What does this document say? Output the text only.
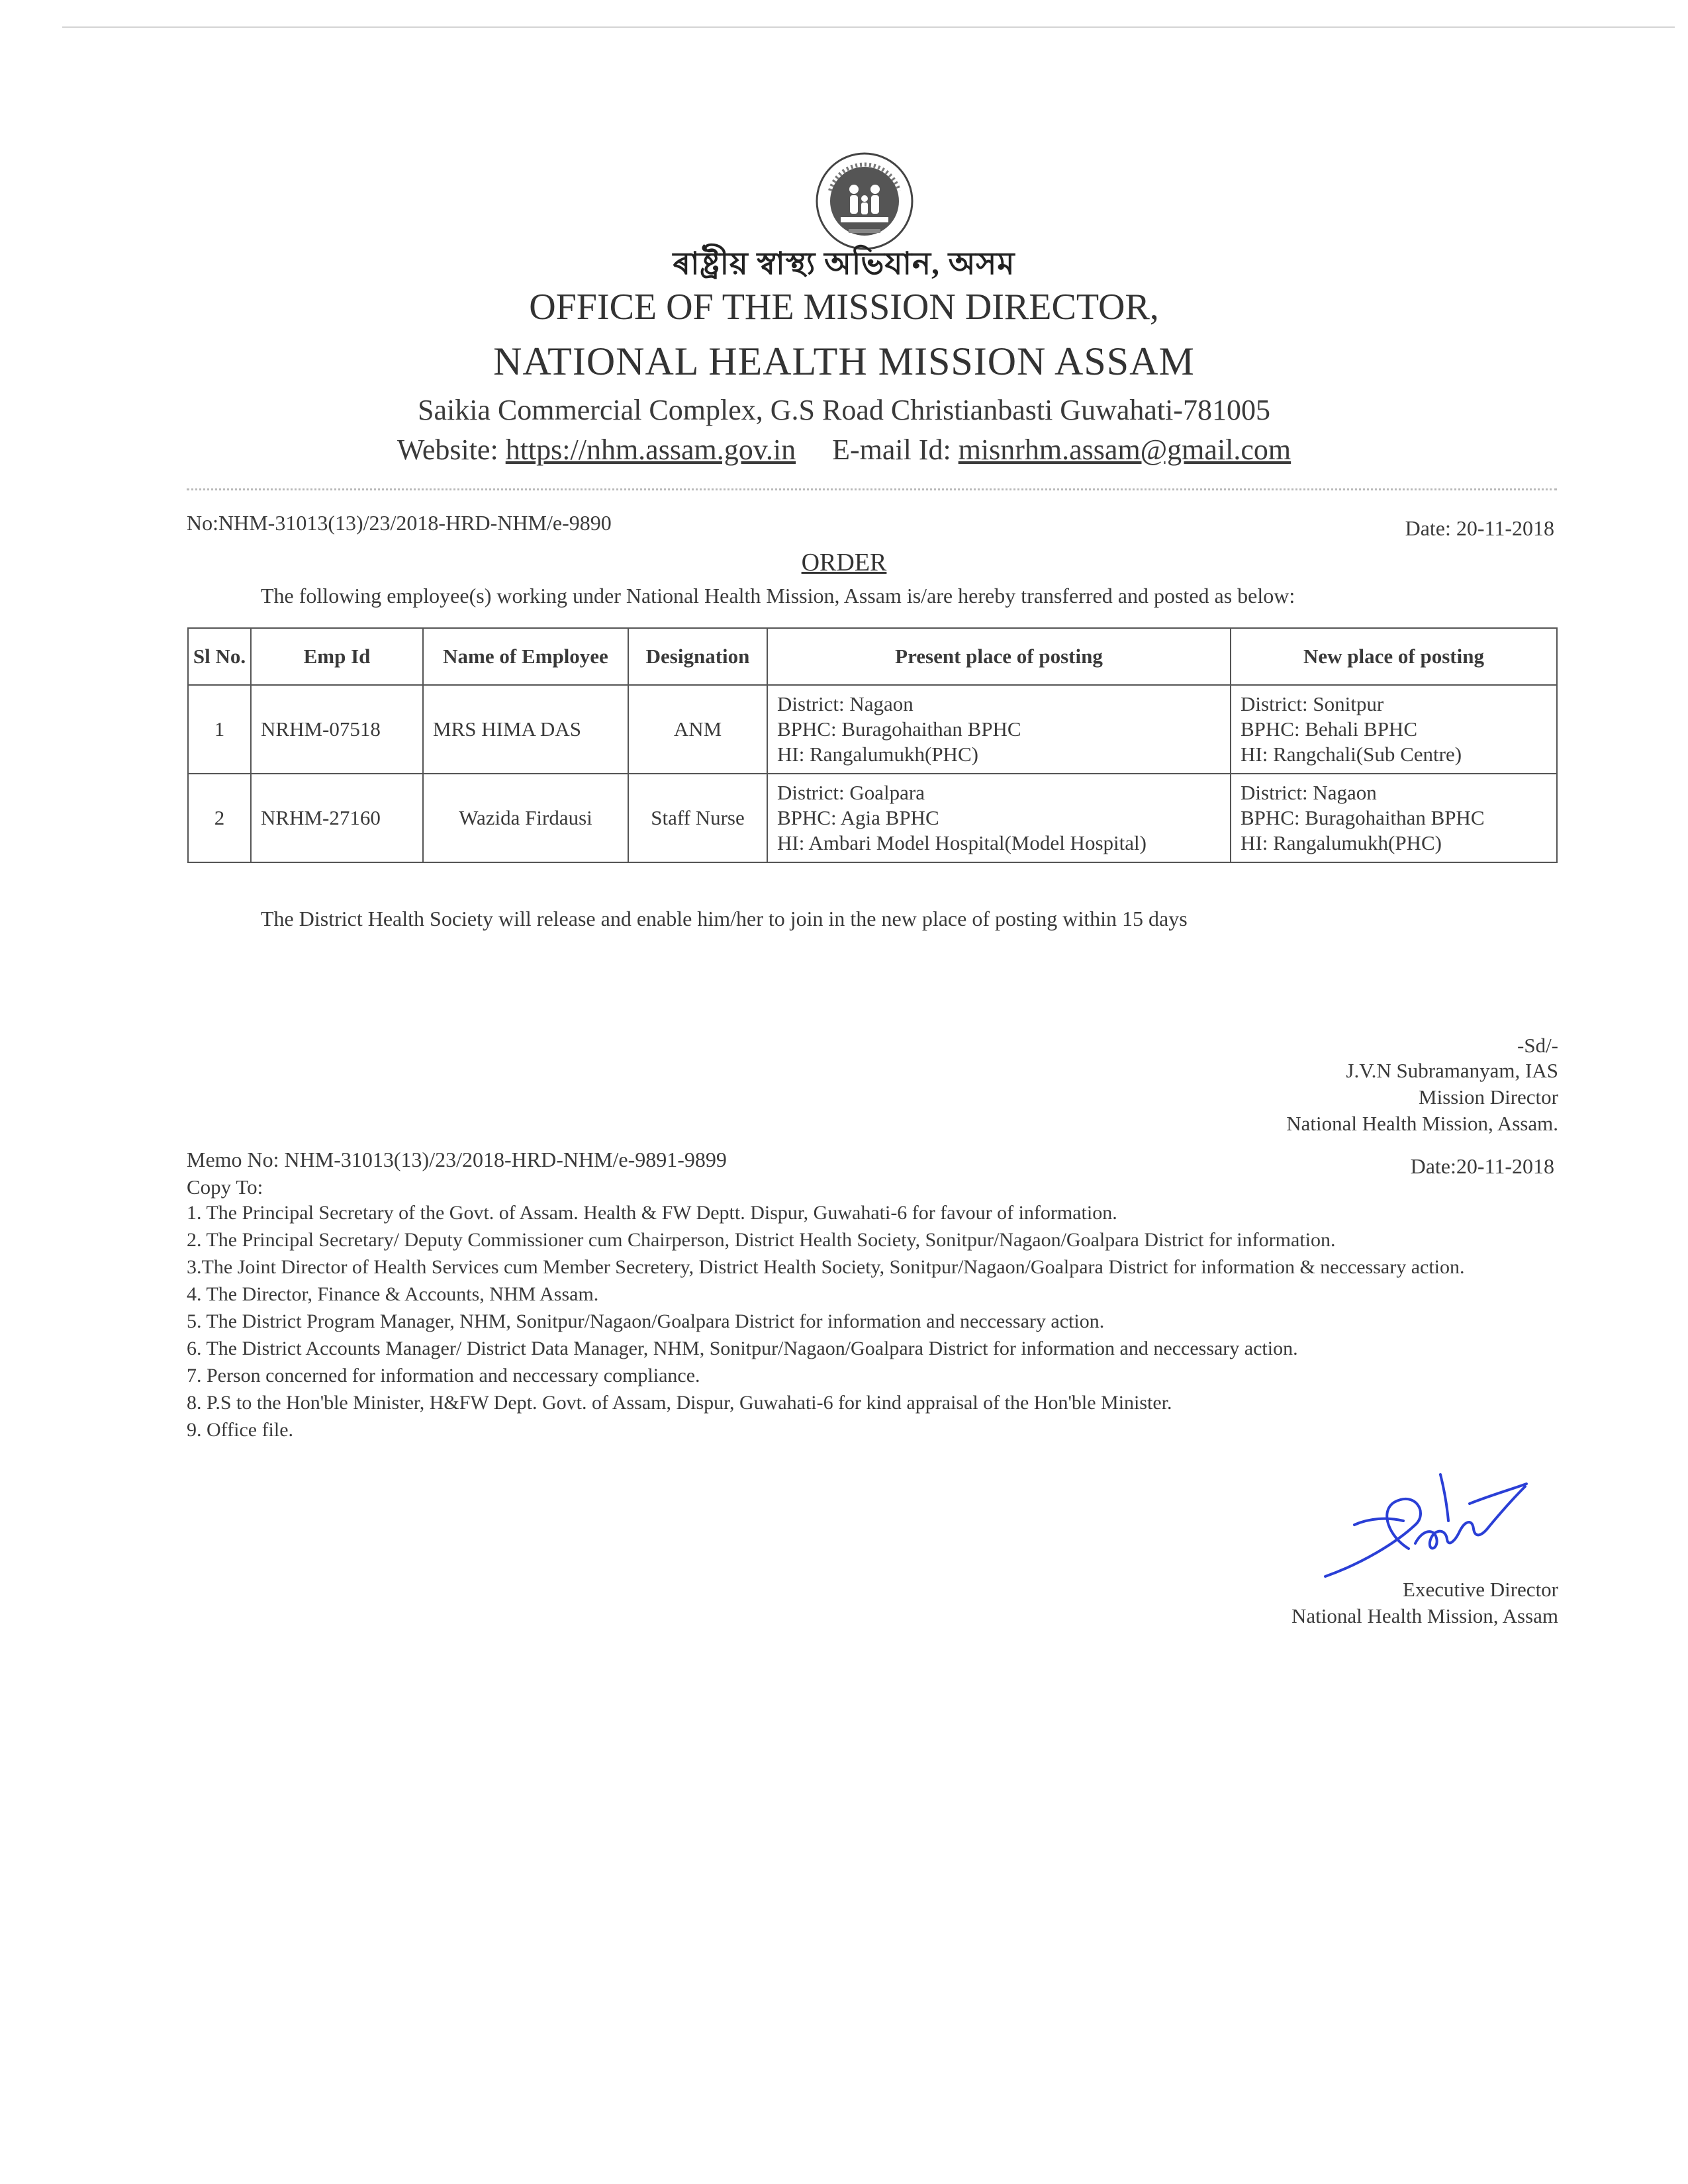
ৰাষ্ট্ৰীয় স্বাস্থ্য অভিযান, অসম
OFFICE OF THE MISSION DIRECTOR,
NATIONAL HEALTH MISSION ASSAM
Saikia Commercial Complex, G.S Road Christianbasti Guwahati-781005
Website: https://nhm.assam.gov.in E-mail Id: misnrhm.assam@gmail.com
No:NHM-31013(13)/23/2018-HRD-NHM/e-9890	Date: 20-11-2018
ORDER
The following employee(s) working under National Health Mission, Assam is/are hereby transferred and posted as below:
Sl No.	Emp Id	Name of Employee	Designation	Present place of posting	New place of posting
1	NRHM-07518	MRS HIMA DAS	ANM	District: Nagaon
BPHC: Buragohaithan BPHC
HI: Rangalumukh(PHC)	District: Sonitpur
BPHC: Behali BPHC
HI: Rangchali(Sub Centre)

2	NRHM-27160	Wazida Firdausi	Staff Nurse	District: Goalpara
BPHC: Agia BPHC
HI: Ambari Model Hospital(Model Hospital)	District: Nagaon
BPHC: Buragohaithan BPHC
HI: Rangalumukh(PHC)
The District Health Society will release and enable him/her to join in the new place of posting within 15 days
-Sd/-
J.V.N Subramanyam, IAS
Mission Director
National Health Mission, Assam.
Memo No: NHM-31013(13)/23/2018-HRD-NHM/e-9891-9899	Date:20-11-2018
Copy To:
1. The Principal Secretary of the Govt. of Assam. Health & FW Deptt. Dispur, Guwahati-6 for favour of information.
2. The Principal Secretary/ Deputy Commissioner cum Chairperson, District Health Society, Sonitpur/Nagaon/Goalpara District for information.
3.The Joint Director of Health Services cum Member Secretery, District Health Society, Sonitpur/Nagaon/Goalpara District for information & neccessary action.
4. The Director, Finance & Accounts, NHM Assam.
5. The District Program Manager, NHM, Sonitpur/Nagaon/Goalpara District for information and neccessary action.
6. The District Accounts Manager/ District Data Manager, NHM, Sonitpur/Nagaon/Goalpara District for information and neccessary action.
7. Person concerned for information and neccessary compliance.
8. P.S to the Hon'ble Minister, H&FW Dept. Govt. of Assam, Dispur, Guwahati-6 for kind appraisal of the Hon'ble Minister.
9. Office file.
Executive Director
National Health Mission, Assam
